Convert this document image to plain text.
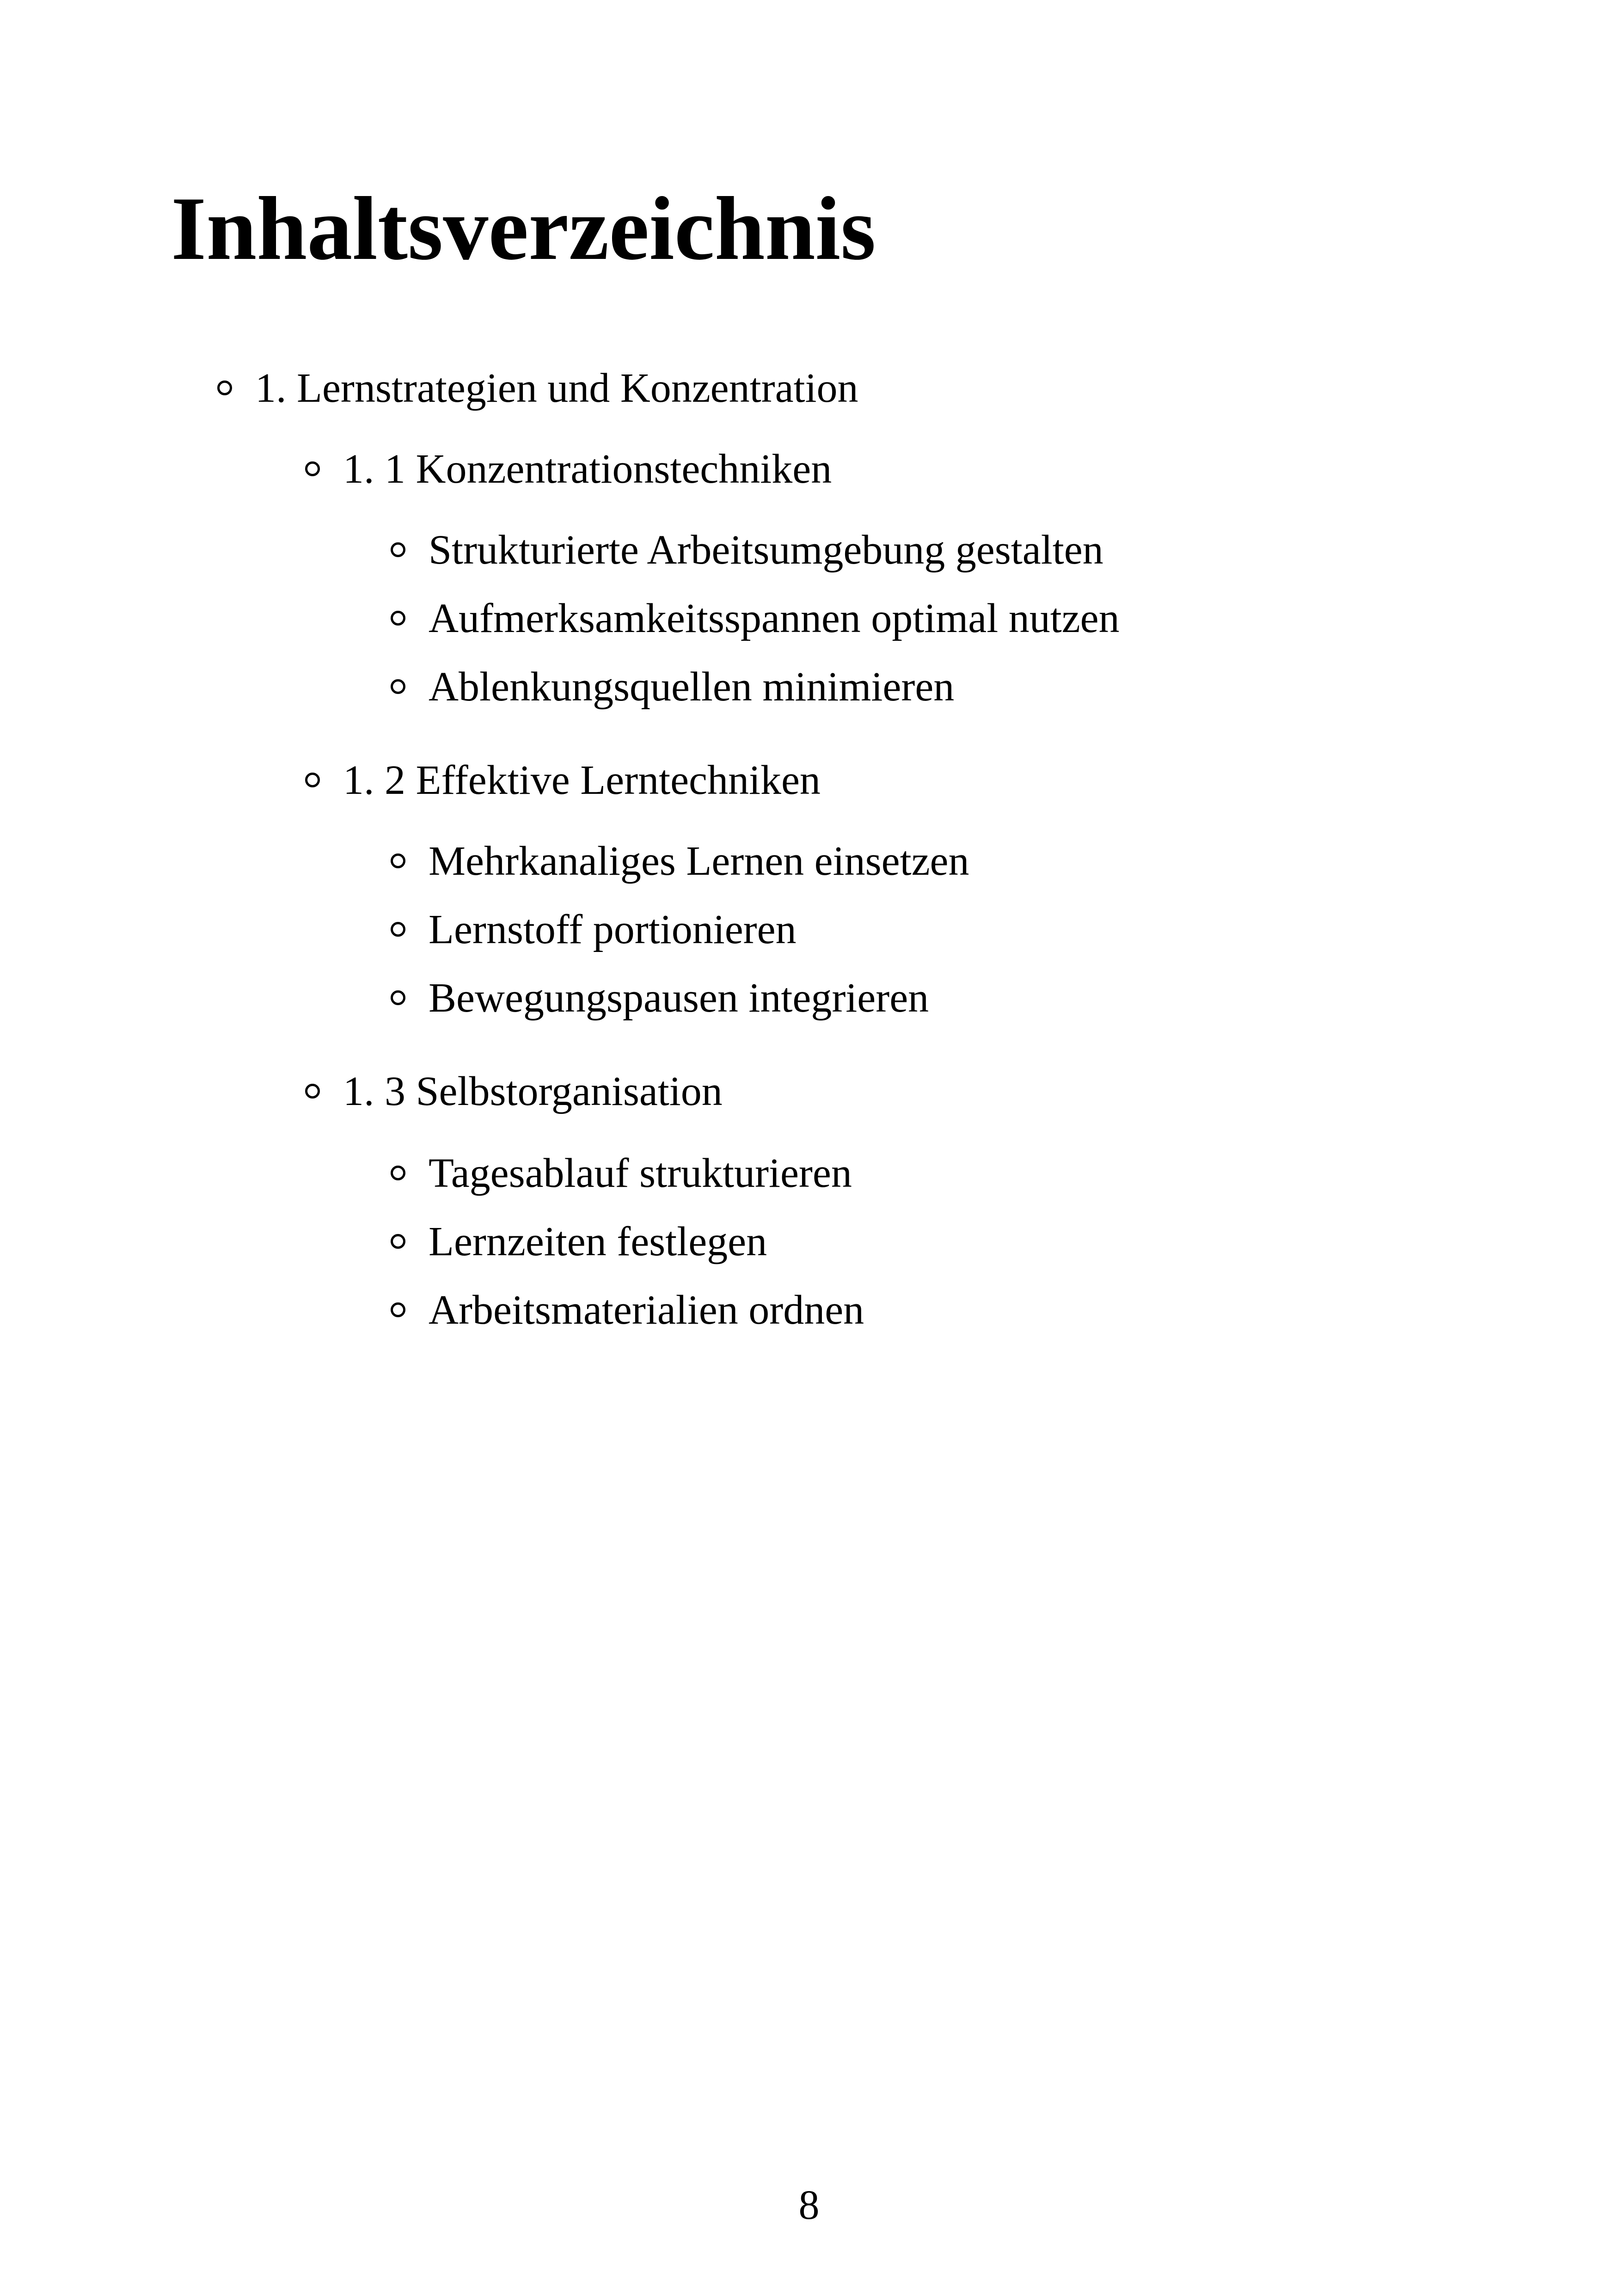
Inhaltsverzeichnis
1. Lernstrategien und Konzentration
1. 1 Konzentrationstechniken
Strukturierte Arbeitsumgebung gestalten
Aufmerksamkeitsspannen optimal nutzen
Ablenkungsquellen minimieren
1. 2 Effektive Lerntechniken
Mehrkanaliges Lernen einsetzen
Lernstoff portionieren
Bewegungspausen integrieren
1. 3 Selbstorganisation
Tagesablauf strukturieren
Lernzeiten festlegen
Arbeitsmaterialien ordnen
8
